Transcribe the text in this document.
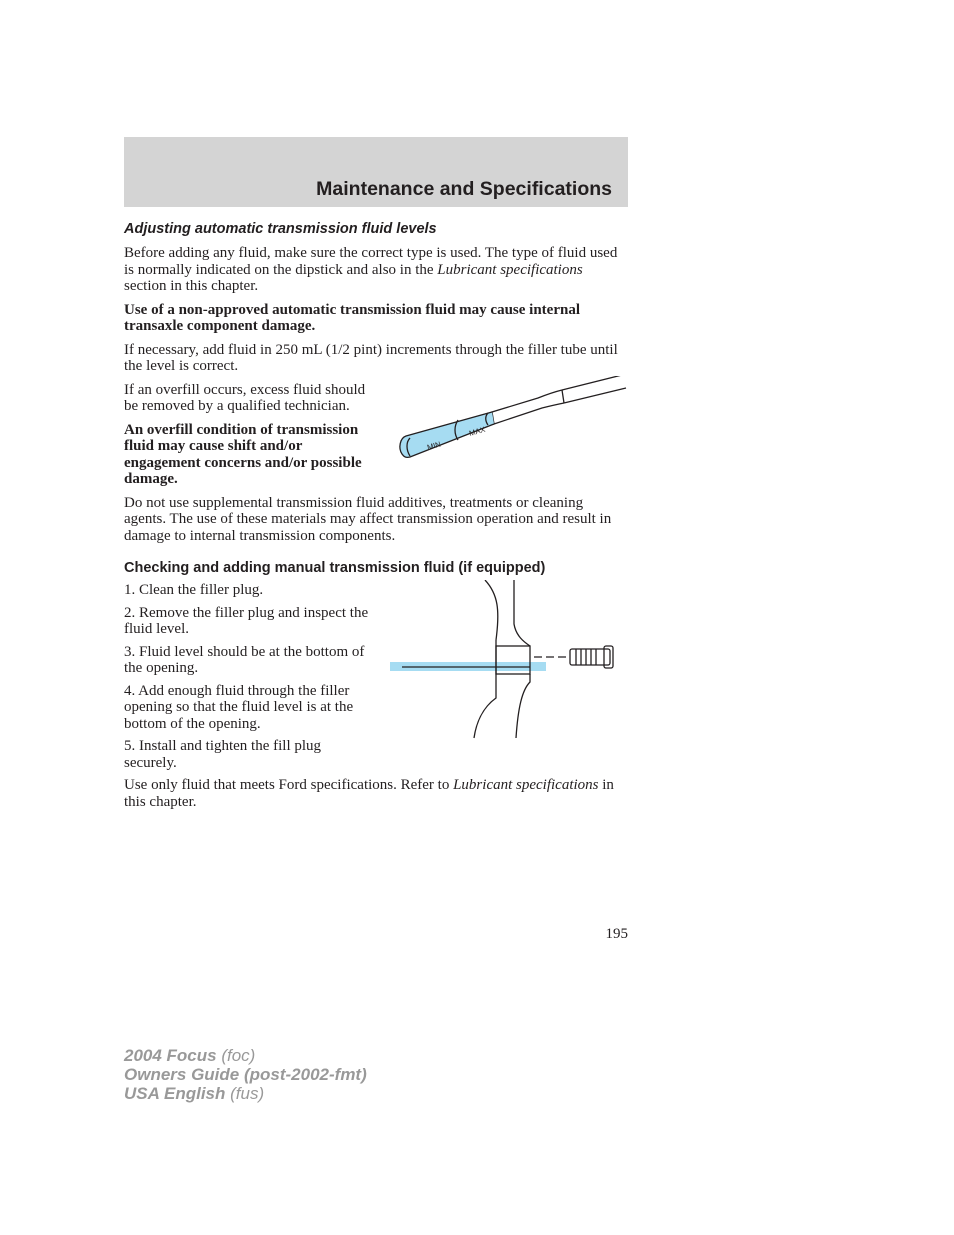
Maintenance and Specifications
Adjusting automatic transmission fluid levels

Before adding any fluid, make sure the correct type is used. The type of fluid used is normally indicated on the dipstick and also in the Lubricant specifications section in this chapter.

Use of a non-approved automatic transmission fluid may cause internal transaxle component damage.

If necessary, add fluid in 250 mL (1/2 pint) increments through the filler tube until the level is correct.

If an overfill occurs, excess fluid should be removed by a qualified technician.

An overfill condition of transmission fluid may cause shift and/or engagement concerns and/or possible damage.

MIN
MAX

Do not use supplemental transmission fluid additives, treatments or cleaning agents. The use of these materials may affect transmission operation and result in damage to internal transmission components.

Checking and adding manual transmission fluid (if equipped)
1. Clean the filler plug.
2. Remove the filler plug and inspect the fluid level.
3. Fluid level should be at the bottom of the opening.
4. Add enough fluid through the filler opening so that the fluid level is at the bottom of the opening.
5. Install and tighten the fill plug securely.

Use only fluid that meets Ford specifications. Refer to Lubricant specifications in this chapter.

195
2004 Focus (foc)
Owners Guide (post-2002-fmt)
USA English (fus)
